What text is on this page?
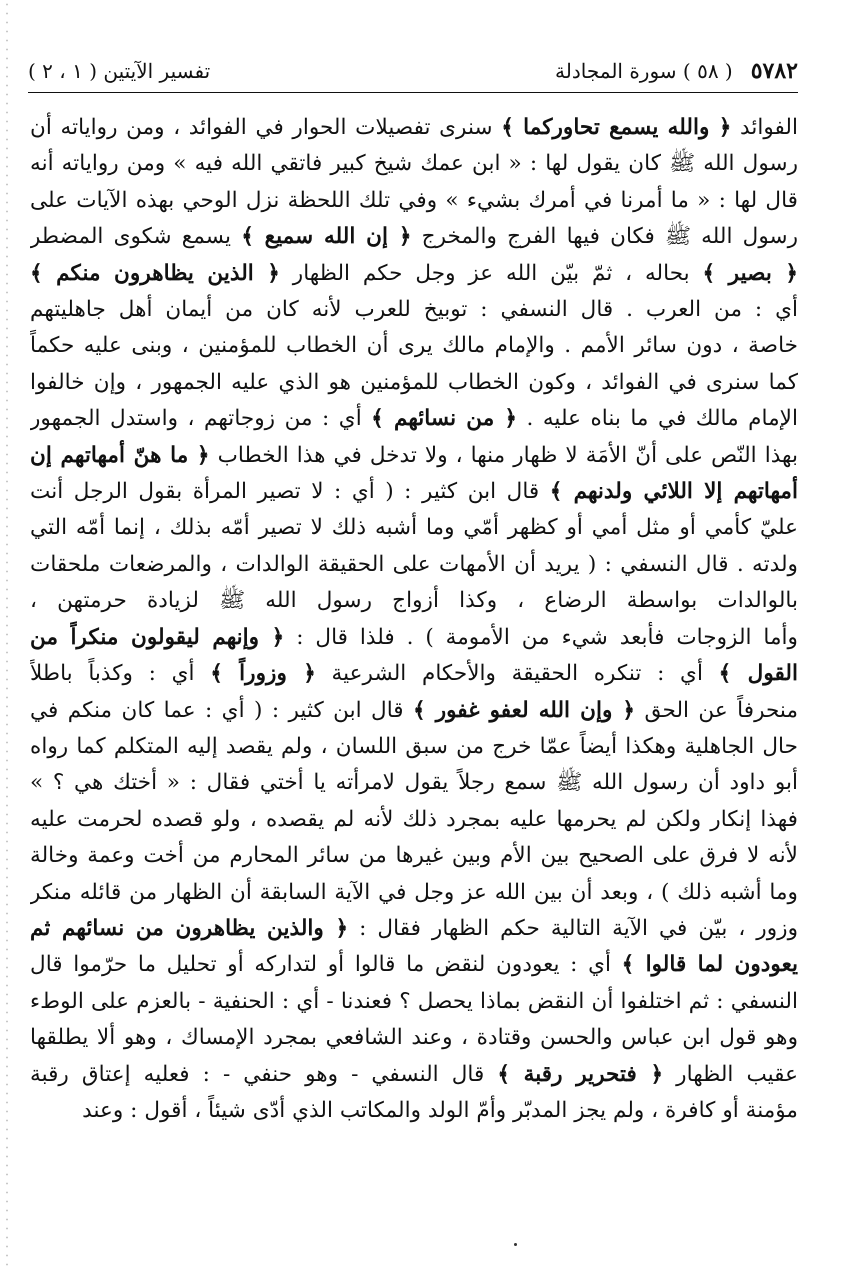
٥٧٨٢
( ٥٨ ) سورة المجادلة
تفسير الآيتين ( ١ ، ٢ )
الفوائد ﴿ والله يسمع تحاوركما ﴾ سنرى تفصيلات الحوار في الفوائد ، ومن رواياته أن
رسول الله ﷺ كان يقول لها : « ابن عمك شيخ كبير فاتقي الله فيه » ومن رواياته أنه
قال لها : « ما أمرنا في أمرك بشيء » وفي تلك اللحظة نزل الوحي بهذه الآيات على
رسول الله ﷺ فكان فيها الفرج والمخرج ﴿ إن الله سميع ﴾ يسمع شكوى المضطر
﴿ بصير ﴾ بحاله ، ثمّ بيّن الله عز وجل حكم الظهار ﴿ الذين يظاهرون منكم ﴾
أي : من العرب . قال النسفي : توبيخ للعرب لأنه كان من أيمان أهل جاهليتهم
خاصة ، دون سائر الأمم . والإمام مالك يرى أن الخطاب للمؤمنين ، وبنى عليه حكماً
كما سنرى في الفوائد ، وكون الخطاب للمؤمنين هو الذي عليه الجمهور ، وإن خالفوا
الإمام مالك في ما بناه عليه . ﴿ من نسائهم ﴾ أي : من زوجاتهم ، واستدل الجمهور
بهذا النّص على أنّ الأمَة لا ظهار منها ، ولا تدخل في هذا الخطاب ﴿ ما هنّ أمهاتهم إن
أمهاتهم إلا اللائي ولدنهم ﴾ قال ابن كثير : ( أي : لا تصير المرأة بقول الرجل أنت
عليّ كأمي أو مثل أمي أو كظهر أمّي وما أشبه ذلك لا تصير أمّه بذلك ، إنما أمّه التي
ولدته . قال النسفي : ( يريد أن الأمهات على الحقيقة الوالدات ، والمرضعات ملحقات
بالوالدات بواسطة الرضاع ، وكذا أزواج رسول الله ﷺ لزيادة حرمتهن ،
وأما الزوجات فأبعد شيء من الأمومة ) . فلذا قال : ﴿ وإنهم ليقولون منكراً من
القول ﴾ أي : تنكره الحقيقة والأحكام الشرعية ﴿ وزوراً ﴾ أي : وكذباً باطلاً
منحرفاً عن الحق ﴿ وإن الله لعفو غفور ﴾ قال ابن كثير : ( أي : عما كان منكم في
حال الجاهلية وهكذا أيضاً عمّا خرج من سبق اللسان ، ولم يقصد إليه المتكلم كما رواه
أبو داود أن رسول الله ﷺ سمع رجلاً يقول لامرأته يا أختي فقال : « أختك هي ؟ »
فهذا إنكار ولكن لم يحرمها عليه بمجرد ذلك لأنه لم يقصده ، ولو قصده لحرمت عليه
لأنه لا فرق على الصحيح بين الأم وبين غيرها من سائر المحارم من أخت وعمة وخالة
وما أشبه ذلك ) ، وبعد أن بين الله عز وجل في الآية السابقة أن الظهار من قائله منكر
وزور ، بيّن في الآية التالية حكم الظهار فقال : ﴿ والذين يظاهرون من نسائهم ثم
يعودون لما قالوا ﴾ أي : يعودون لنقض ما قالوا أو لتداركه أو تحليل ما حرّموا قال
النسفي : ثم اختلفوا أن النقض بماذا يحصل ؟ فعندنا - أي : الحنفية - بالعزم على الوطء
وهو قول ابن عباس والحسن وقتادة ، وعند الشافعي بمجرد الإمساك ، وهو ألا يطلقها
عقيب الظهار ﴿ فتحرير رقبة ﴾ قال النسفي - وهو حنفي - : فعليه إعتاق رقبة
مؤمنة أو كافرة ، ولم يجز المدبّر وأمّ الولد والمكاتب الذي أدّى شيئاً ، أقول : وعند
